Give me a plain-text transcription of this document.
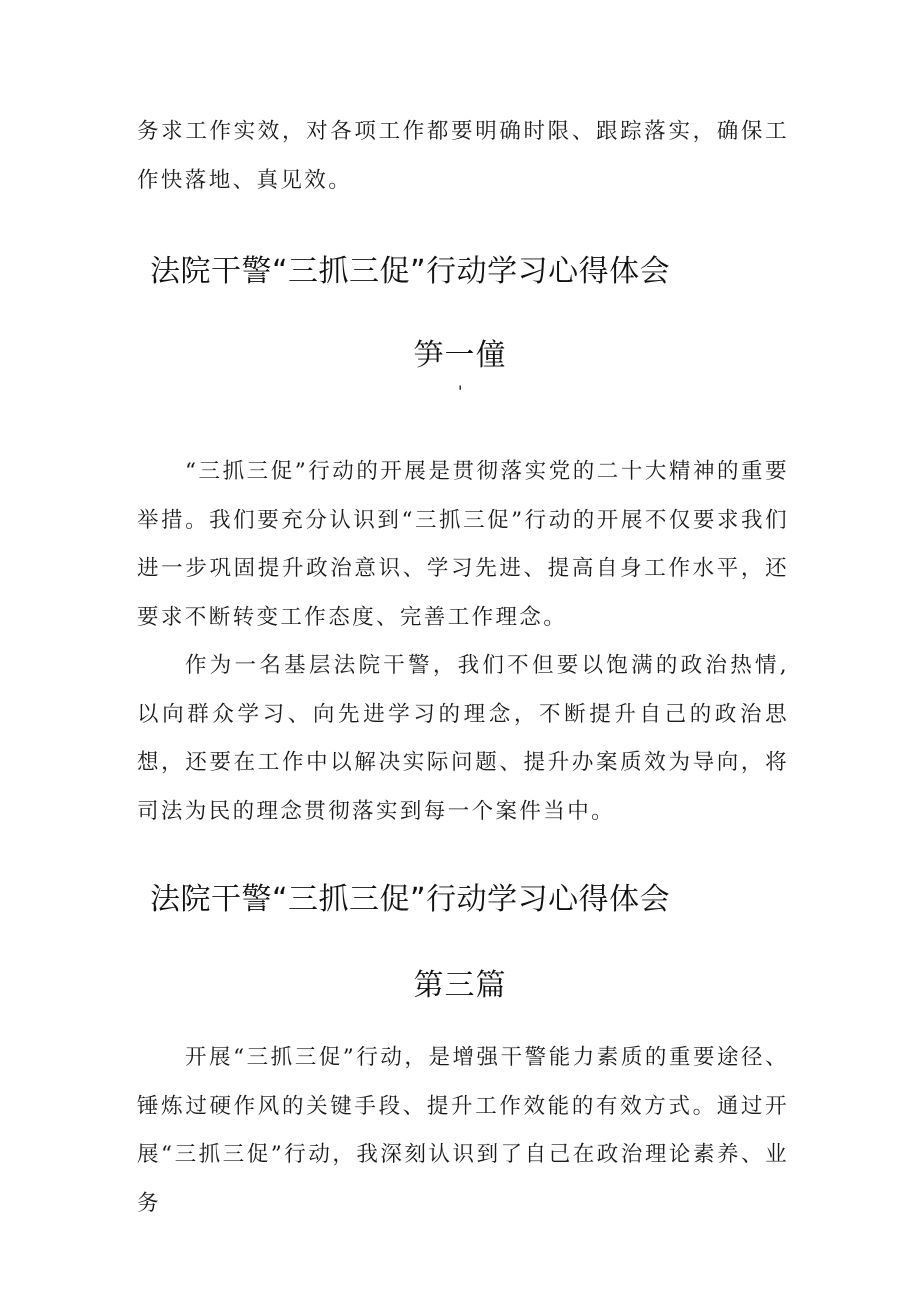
务求工作实效，对各项工作都要明确时限、跟踪落实，确保工作快落地、真见效。

法院干警“三抓三促”行动学习心得体会
笋一僮
'

“三抓三促”行动的开展是贯彻落实党的二十大精神的重要举措。我们要充分认识到“三抓三促”行动的开展不仅要求我们进一步巩固提升政治意识、学习先进、提高自身工作水平，还要求不断转变工作态度、完善工作理念。

作为一名基层法院干警，我们不但要以饱满的政治热情,以向群众学习、向先进学习的理念，不断提升自己的政治思想，还要在工作中以解决实际问题、提升办案质效为导向，将司法为民的理念贯彻落实到每一个案件当中。

法院干警“三抓三促”行动学习心得体会
第三篇

开展“三抓三促”行动，是增强干警能力素质的重要途径、锤炼过硬作风的关键手段、提升工作效能的有效方式。通过开展“三抓三促”行动，我深刻认识到了自己在政治理论素养、业务
